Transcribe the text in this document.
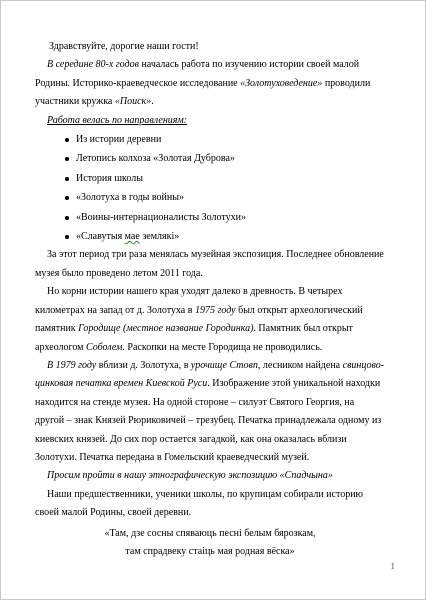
Здравствуйте, дорогие наши гости!

В середине 80-х годов началась работа по изучению истории своей малой Родины. Историко-краеведческое исследование «Золотуховедение» проводили участники кружка «Поиск».

Работа велась по направлениям:

Из истории деревни
Летопись колхоза «Золотая Дуброва»
История школы
«Золотуха в годы войны»
«Воины-интернационалисты Золотухи»
«Славутыя мае землякi»

За этот период три раза менялась музейная экспозиция. Последнее обновление музея было проведено летом 2011 года.

Но корни истории нашего края уходят далеко в древность. В четырех километрах на запад от д. Золотуха в 1975 году был открыт археологический памятник Городище (местное название Городинка). Памятник был открыт археологом Соболем. Раскопки на месте Городища не проводились.

В 1979 году вблизи д. Золотуха, в урочище Стовп, лесником найдена свинцово-цинковая печатка времен Киевской Руси. Изображение этой уникальной находки находится на стенде музея. На одной стороне – силуэт Святого Георгия, на другой – знак Князей Рюриковичей – трезубец. Печатка принадлежала одному из киевских князей. До сих пор остается загадкой, как она оказалась вблизи Золотухи. Печатка передана в Гомельский краеведческий музей.

Просим пройти в нашу этнографическую экспозицию «Спадчына»

Наши предшественники, ученики школы, по крупицам собирали историю своей малой Родины, своей деревни.

«Там, дзе сосны спяваюць песнi белым бярозкам,

там спрадвеку стаiць мая родная вёска»

1
